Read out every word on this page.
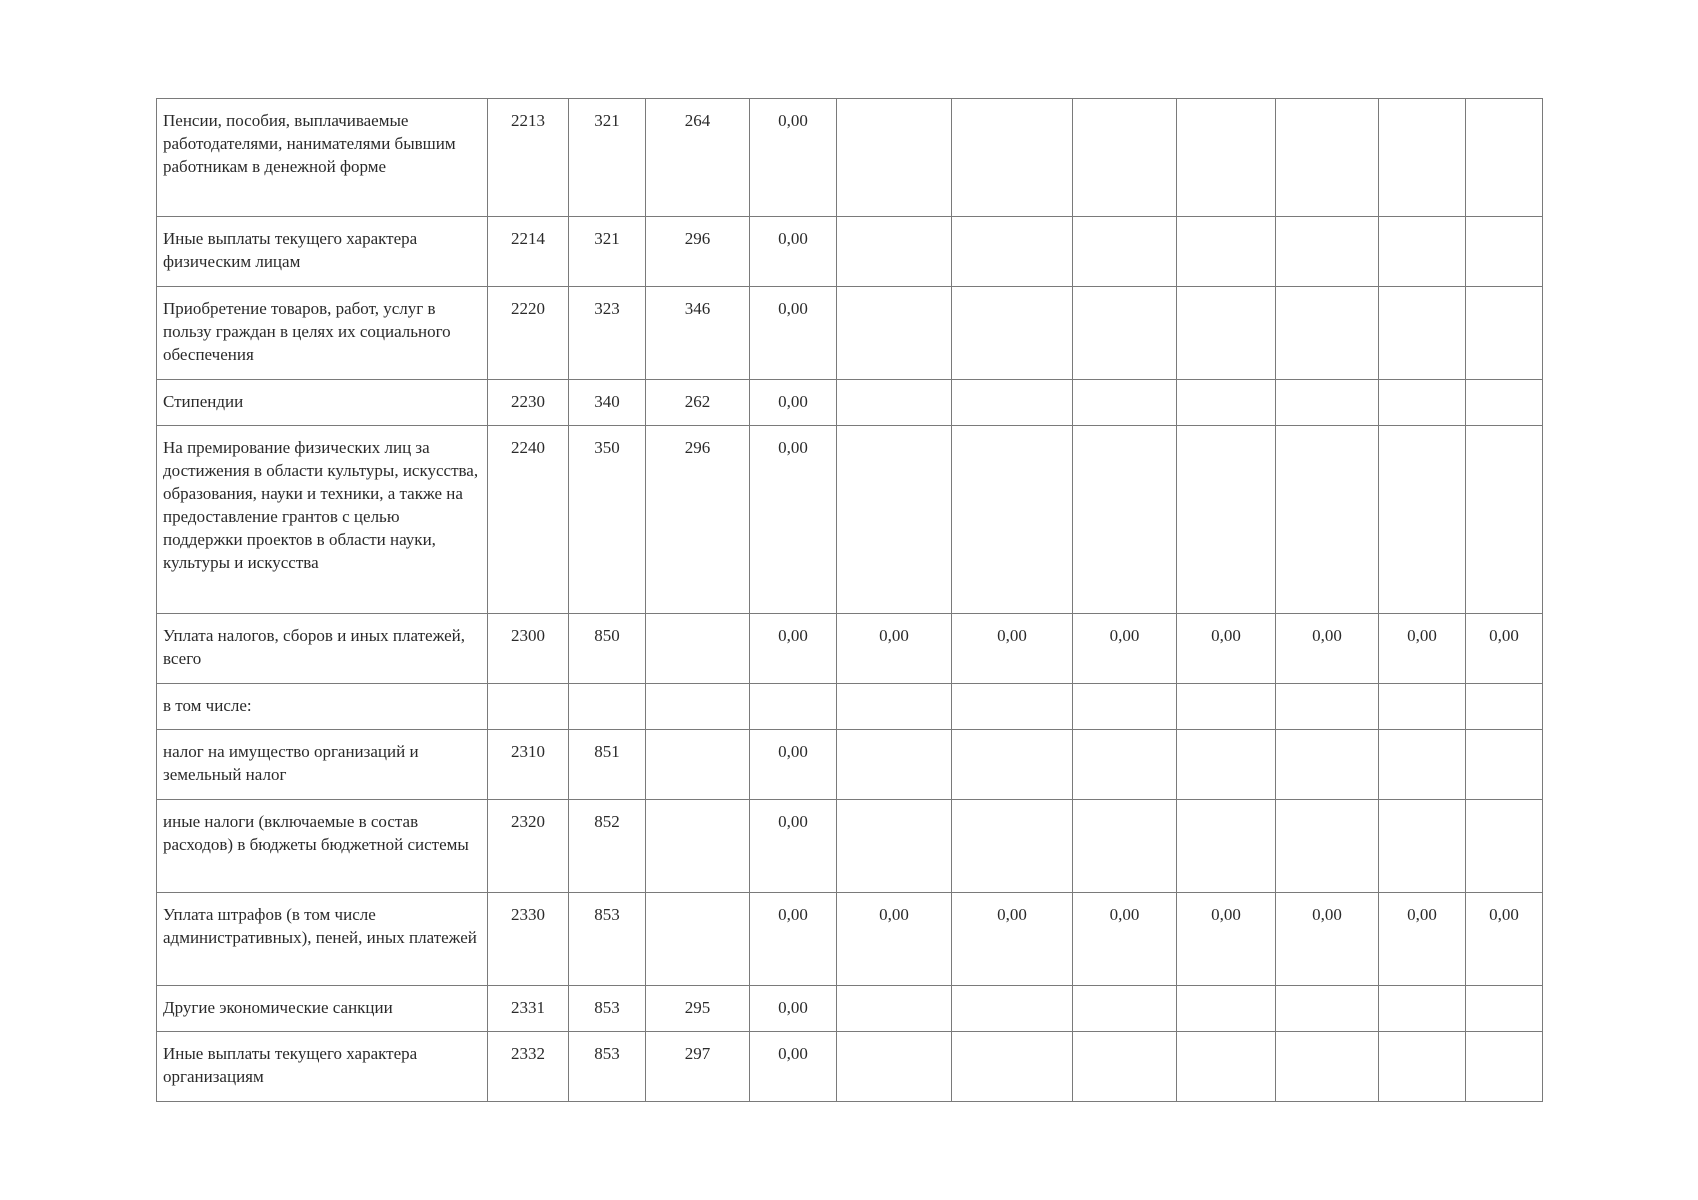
Пенсии, пособия, выплачиваемые работодателями, нанимателями бывшим работникам в денежной форме	2213	321	264	0,00								
Иные выплаты текущего характера физическим лицам	2214	321	296	0,00								
Приобретение товаров, работ, услуг в пользу граждан в целях их социального обеспечения	2220	323	346	0,00								
Стипендии	2230	340	262	0,00								
На премирование физических лиц за достижения в области культуры, искусства, образования, науки и техники, а также на предоставление грантов с целью поддержки проектов в области науки, культуры и искусства	2240	350	296	0,00								
Уплата налогов, сборов и иных платежей, всего	2300	850		0,00	0,00	0,00	0,00	0,00	0,00	0,00	0,00	
в том числе:												
налог на имущество организаций и земельный налог	2310	851		0,00								
иные налоги (включаемые в состав расходов) в бюджеты бюджетной системы	2320	852		0,00								
Уплата штрафов (в том числе административных), пеней, иных платежей	2330	853		0,00	0,00	0,00	0,00	0,00	0,00	0,00	0,00	
Другие экономические санкции	2331	853	295	0,00								
Иные выплаты текущего характера организациям	2332	853	297	0,00								
